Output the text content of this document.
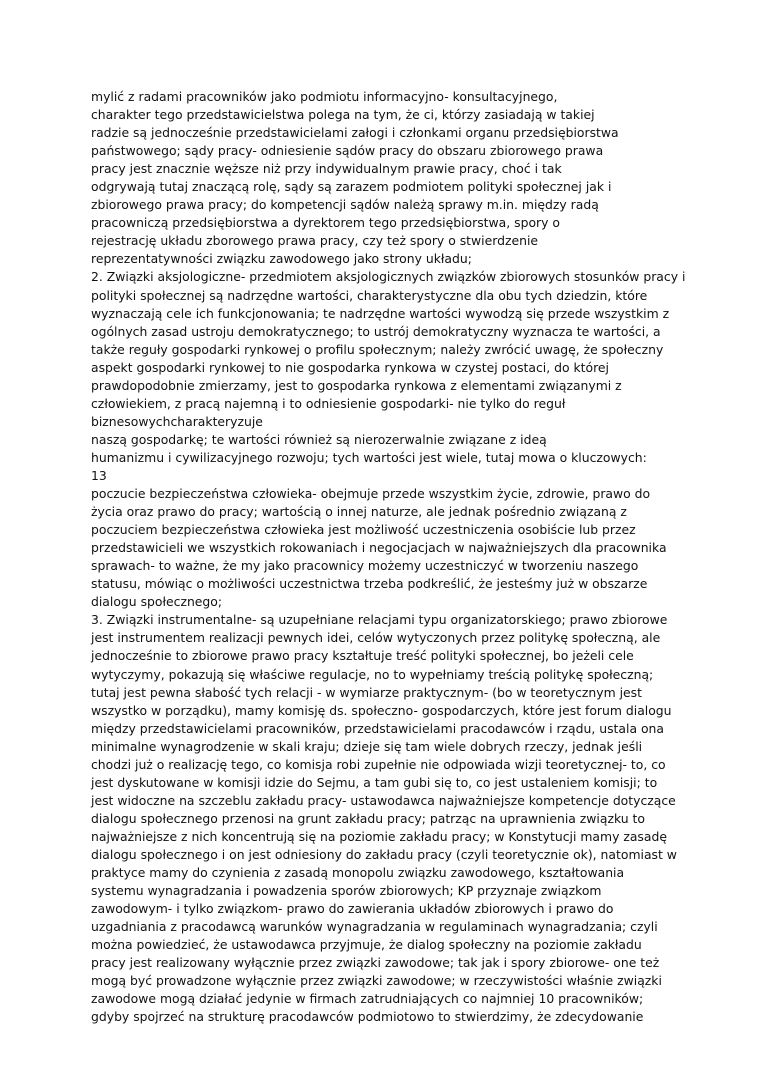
mylić z radami pracowników jako podmiotu informacyjno- konsultacyjnego,
charakter tego przedstawicielstwa polega na tym, że ci, którzy zasiadają w takiej
radzie są jednocześnie przedstawicielami załogi i członkami organu przedsiębiorstwa
państwowego; sądy pracy- odniesienie sądów pracy do obszaru zbiorowego prawa
pracy jest znacznie węższe niż przy indywidualnym prawie pracy, choć i tak
odgrywają tutaj znaczącą rolę, sądy są zarazem podmiotem polityki społecznej jak i
zbiorowego prawa pracy; do kompetencji sądów należą sprawy m.in. między radą
pracowniczą przedsiębiorstwa a dyrektorem tego przedsiębiorstwa, spory o
rejestrację układu zborowego prawa pracy, czy też spory o stwierdzenie
reprezentatywności związku zawodowego jako strony układu;
2. Związki aksjologiczne- przedmiotem aksjologicznych związków zbiorowych stosunków pracy i
polityki społecznej są nadrzędne wartości, charakterystyczne dla obu tych dziedzin, które
wyznaczają cele ich funkcjonowania; te nadrzędne wartości wywodzą się przede wszystkim z
ogólnych zasad ustroju demokratycznego; to ustrój demokratyczny wyznacza te wartości, a
także reguły gospodarki rynkowej o profilu społecznym; należy zwrócić uwagę, że społeczny
aspekt gospodarki rynkowej to nie gospodarka rynkowa w czystej postaci, do której
prawdopodobnie zmierzamy, jest to gospodarka rynkowa z elementami związanymi z
człowiekiem, z pracą najemną i to odniesienie gospodarki- nie tylko do reguł
biznesowychcharakteryzuje
naszą gospodarkę; te wartości również są nierozerwalnie związane z ideą
humanizmu i cywilizacyjnego rozwoju; tych wartości jest wiele, tutaj mowa o kluczowych:
13
poczucie bezpieczeństwa człowieka- obejmuje przede wszystkim życie, zdrowie, prawo do
życia oraz prawo do pracy; wartością o innej naturze, ale jednak pośrednio związaną z
poczuciem bezpieczeństwa człowieka jest możliwość uczestniczenia osobiście lub przez
przedstawicieli we wszystkich rokowaniach i negocjacjach w najważniejszych dla pracownika
sprawach- to ważne, że my jako pracownicy możemy uczestniczyć w tworzeniu naszego
statusu, mówiąc o możliwości uczestnictwa trzeba podkreślić, że jesteśmy już w obszarze
dialogu społecznego;
3. Związki instrumentalne- są uzupełniane relacjami typu organizatorskiego; prawo zbiorowe
jest instrumentem realizacji pewnych idei, celów wytyczonych przez politykę społeczną, ale
jednocześnie to zbiorowe prawo pracy kształtuje treść polityki społecznej, bo jeżeli cele
wytyczymy, pokazują się właściwe regulacje, no to wypełniamy treścią politykę społeczną;
tutaj jest pewna słabość tych relacji - w wymiarze praktycznym- (bo w teoretycznym jest
wszystko w porządku), mamy komisję ds. społeczno- gospodarczych, które jest forum dialogu
między przedstawicielami pracowników, przedstawicielami pracodawców i rządu, ustala ona
minimalne wynagrodzenie w skali kraju; dzieje się tam wiele dobrych rzeczy, jednak jeśli
chodzi już o realizację tego, co komisja robi zupełnie nie odpowiada wizji teoretycznej- to, co
jest dyskutowane w komisji idzie do Sejmu, a tam gubi się to, co jest ustaleniem komisji; to
jest widoczne na szczeblu zakładu pracy- ustawodawca najważniejsze kompetencje dotyczące
dialogu społecznego przenosi na grunt zakładu pracy; patrząc na uprawnienia związku to
najważniejsze z nich koncentrują się na poziomie zakładu pracy; w Konstytucji mamy zasadę
dialogu społecznego i on jest odniesiony do zakładu pracy (czyli teoretycznie ok), natomiast w
praktyce mamy do czynienia z zasadą monopolu związku zawodowego, kształtowania
systemu wynagradzania i powadzenia sporów zbiorowych; KP przyznaje związkom
zawodowym- i tylko związkom- prawo do zawierania układów zbiorowych i prawo do
uzgadniania z pracodawcą warunków wynagradzania w regulaminach wynagradzania; czyli
można powiedzieć, że ustawodawca przyjmuje, że dialog społeczny na poziomie zakładu
pracy jest realizowany wyłącznie przez związki zawodowe; tak jak i spory zbiorowe- one też
mogą być prowadzone wyłącznie przez związki zawodowe; w rzeczywistości właśnie związki
zawodowe mogą działać jedynie w firmach zatrudniających co najmniej 10 pracowników;
gdyby spojrzeć na strukturę pracodawców podmiotowo to stwierdzimy, że zdecydowanie
